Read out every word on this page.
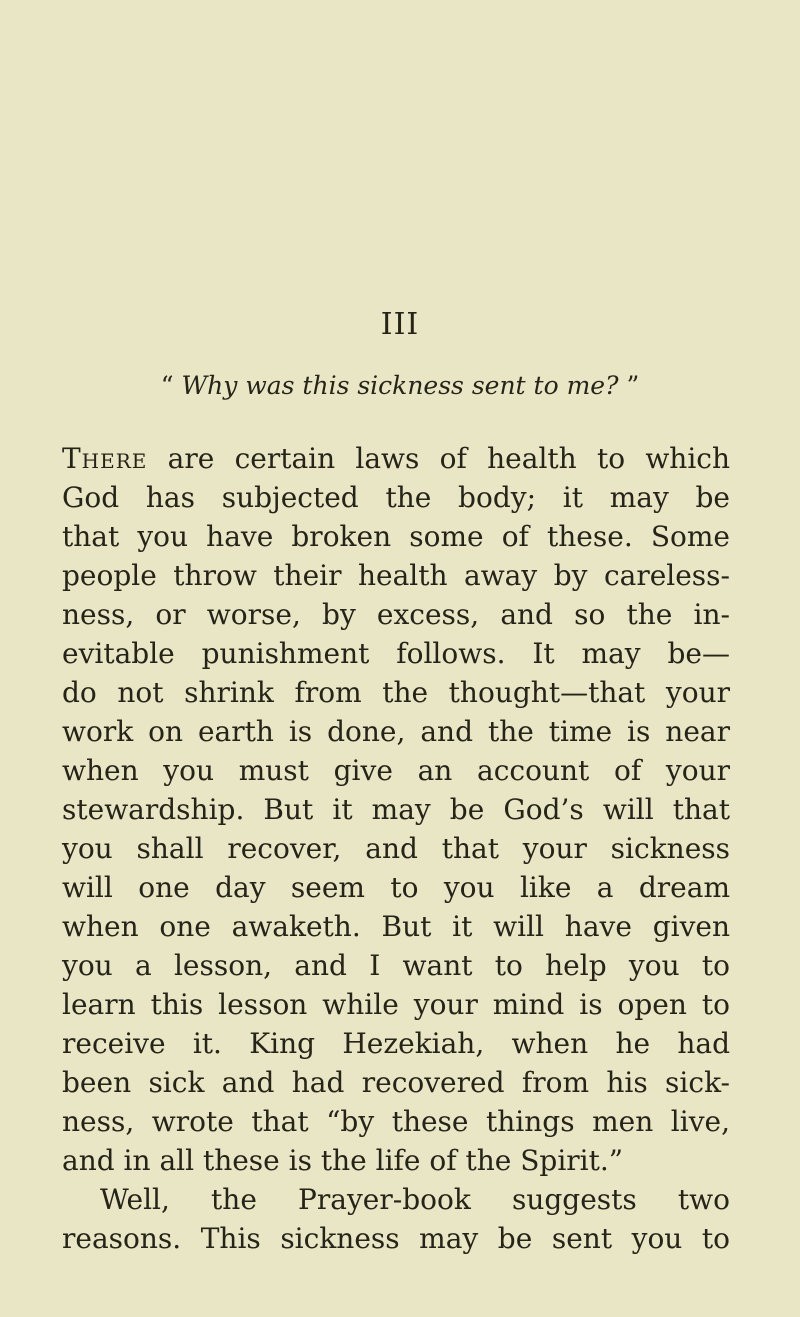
III
“ Why was this sickness sent to me? ”
There are certain laws of health to which
God has subjected the body; it may be
that you have broken some of these. Some
people throw their health away by careless-
ness, or worse, by excess, and so the in-
evitable punishment follows. It may be—
do not shrink from the thought—that your
work on earth is done, and the time is near
when you must give an account of your
stewardship. But it may be God’s will that
you shall recover, and that your sickness
will one day seem to you like a dream
when one awaketh. But it will have given
you a lesson, and I want to help you to
learn this lesson while your mind is open to
receive it. King Hezekiah, when he had
been sick and had recovered from his sick-
ness, wrote that “by these things men live,
and in all these is the life of the Spirit.”
Well, the Prayer-book suggests two
reasons. This sickness may be sent you to
